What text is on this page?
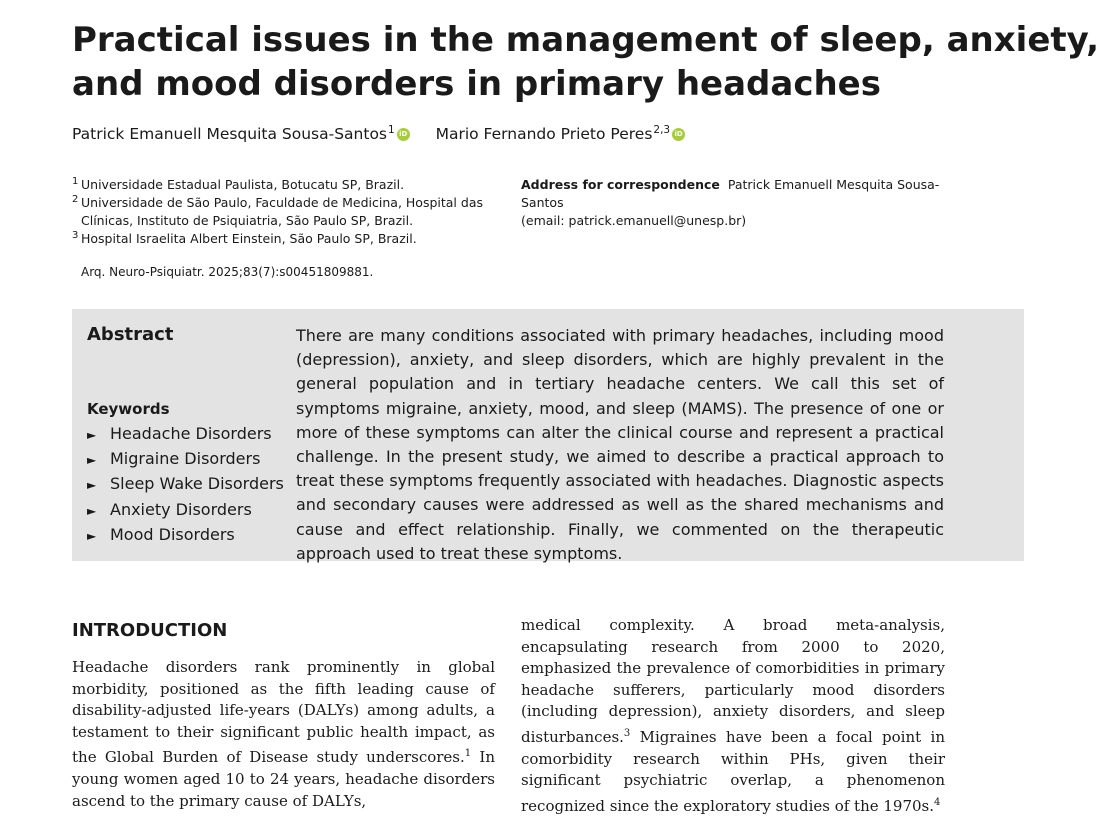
Practical issues in the management of sleep, anxiety,
and mood disorders in primary headaches
Patrick Emanuell Mesquita Sousa-Santos$^1$ iD Mario Fernando Prieto Peres$^{2,3}$ iD
1 Universidade Estadual Paulista, Botucatu SP, Brazil.
2 Universidade de São Paulo, Faculdade de Medicina, Hospital das
Clínicas, Instituto de Psiquiatria, São Paulo SP, Brazil.
3 Hospital Israelita Albert Einstein, São Paulo SP, Brazil.
Address for correspondence Patrick Emanuell Mesquita Sousa-Santos
(email: patrick.emanuell@unesp.br)
Arq. Neuro-Psiquiatr. 2025;83(7):s00451809881.
Abstract
Keywords
► Headache Disorders
► Migraine Disorders
► Sleep Wake Disorders
► Anxiety Disorders
► Mood Disorders
There are many conditions associated with primary headaches, including mood (depression), anxiety, and sleep disorders, which are highly prevalent in the general population and in tertiary headache centers. We call this set of symptoms migraine, anxiety, mood, and sleep (MAMS). The presence of one or more of these symptoms can alter the clinical course and represent a practical challenge. In the present study, we aimed to describe a practical approach to treat these symptoms frequently associated with headaches. Diagnostic aspects and secondary causes were addressed as well as the shared mechanisms and cause and effect relationship. Finally, we commented on the therapeutic approach used to treat these symptoms.
INTRODUCTION
Headache disorders rank prominently in global morbidity, positioned as the fifth leading cause of disability-adjusted life-years (DALYs) among adults, a testament to their significant public health impact, as the Global Burden of Disease study underscores.$^1$ In young women aged 10 to 24 years, headache disorders ascend to the primary cause of DALYs,
medical complexity. A broad meta-analysis, encapsulating research from 2000 to 2020, emphasized the prevalence of comorbidities in primary headache sufferers, particularly mood disorders (including depression), anxiety disorders, and sleep disturbances.$^3$ Migraines have been a focal point in comorbidity research within PHs, given their significant psychiatric overlap, a phenomenon recognized since the exploratory studies of the 1970s.$^4$
